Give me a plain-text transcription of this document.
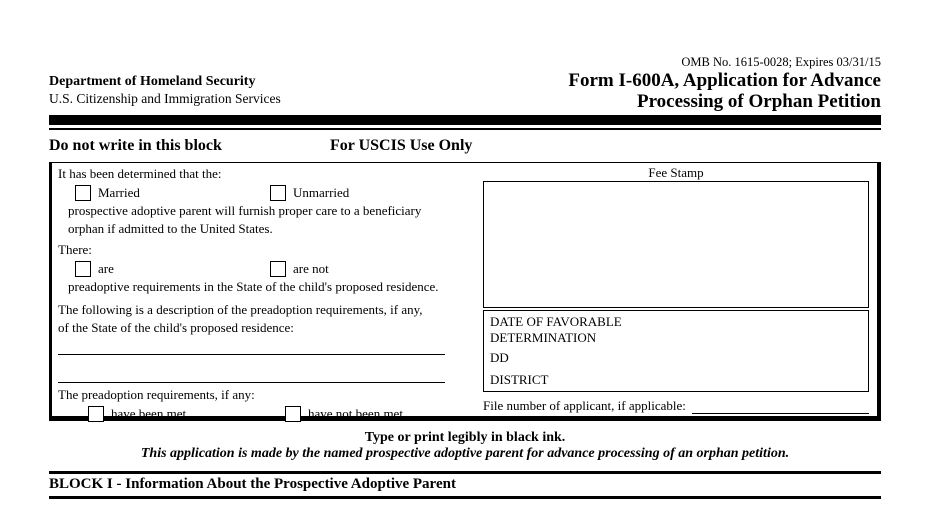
Department of Homeland Security
U.S. Citizenship and Immigration Services
OMB No. 1615-0028; Expires 03/31/15
Form I-600A, Application for Advance
Processing of Orphan Petition
Do not write in this block	For USCIS Use Only
It has been determined that the:
Married	Unmarried
prospective adoptive parent will furnish proper care to a beneficiary
orphan if admitted to the United States.
There:
are	are not
preadoptive requirements in the State of the child's proposed residence.
The following is a description of the preadoption requirements, if any,
of the State of the child's proposed residence:
The preadoption requirements, if any:
have been met.	have not been met.
Fee Stamp
DATE OF FAVORABLE
DETERMINATION
DD
DISTRICT
File number of applicant, if applicable:
Type or print legibly in black ink.
This application is made by the named prospective adoptive parent for advance processing of an orphan petition.
BLOCK I - Information About the Prospective Adoptive Parent
